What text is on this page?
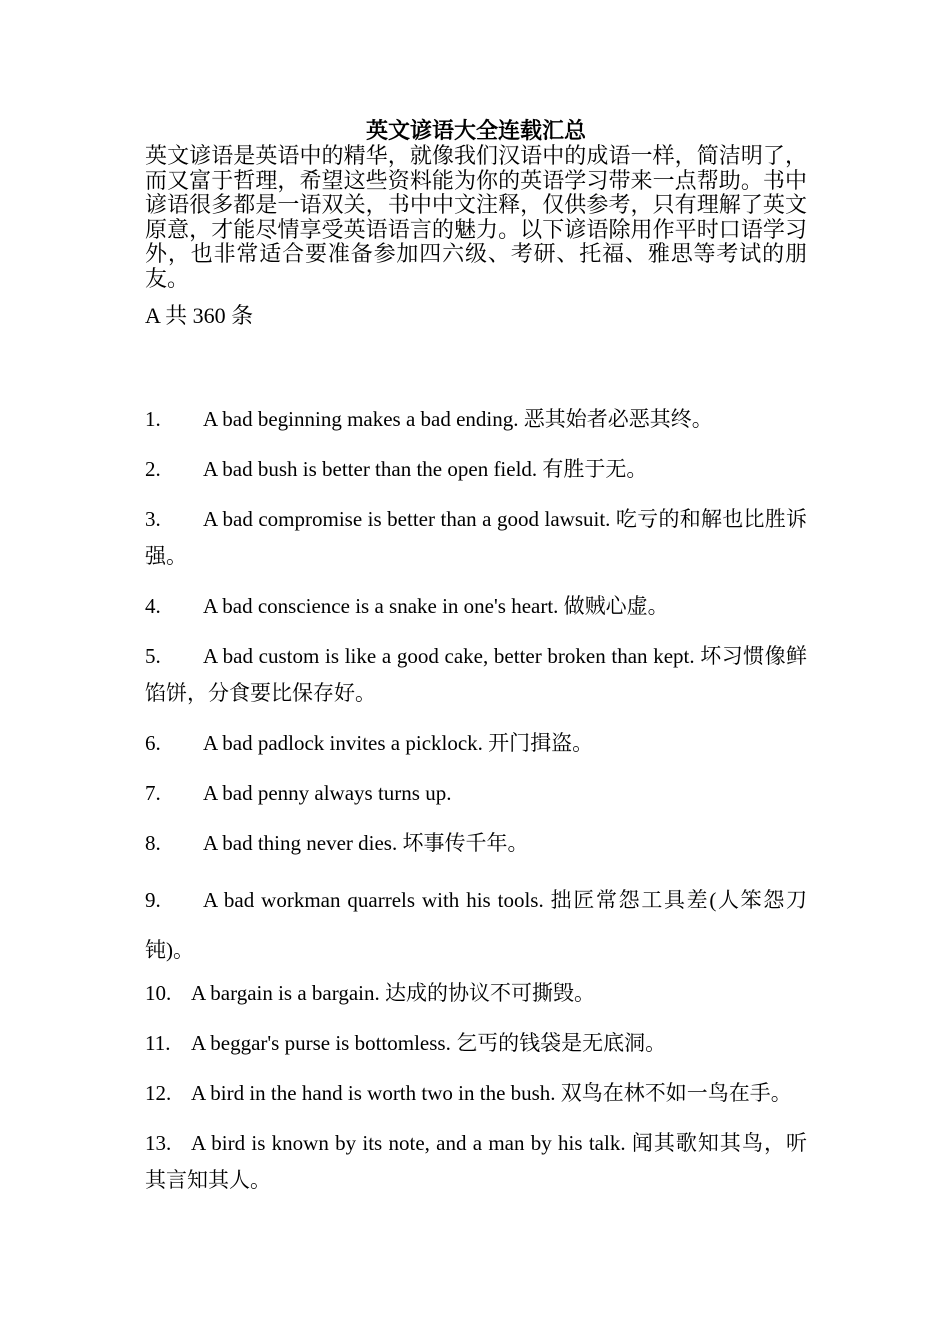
英文谚语大全连载汇总

英文谚语是英语中的精华，就像我们汉语中的成语一样，简洁明了，而又富于哲理，希望这些资料能为你的英语学习带来一点帮助。书中谚语很多都是一语双关，书中中文注释，仅供参考，只有理解了英文原意，才能尽情享受英语语言的魅力。以下谚语除用作平时口语学习外，也非常适合要准备参加四六级、考研、托福、雅思等考试的朋友。

A 共 360 条

1. A bad beginning makes a bad ending. 恶其始者必恶其终。
2. A bad bush is better than the open field. 有胜于无。
3. A bad compromise is better than a good lawsuit. 吃亏的和解也比胜诉强。
4. A bad conscience is a snake in one's heart. 做贼心虚。
5. A bad custom is like a good cake, better broken than kept. 坏习惯像鲜馅饼，分食要比保存好。
6. A bad padlock invites a picklock. 开门揖盗。
7. A bad penny always turns up.
8. A bad thing never dies. 坏事传千年。
9. A bad workman quarrels with his tools. 拙匠常怨工具差(人笨怨刀钝)。
10. A bargain is a bargain. 达成的协议不可撕毁。
11. A beggar's purse is bottomless. 乞丐的钱袋是无底洞。
12. A bird in the hand is worth two in the bush. 双鸟在林不如一鸟在手。
13. A bird is known by its note, and a man by his talk. 闻其歌知其鸟，听其言知其人。
